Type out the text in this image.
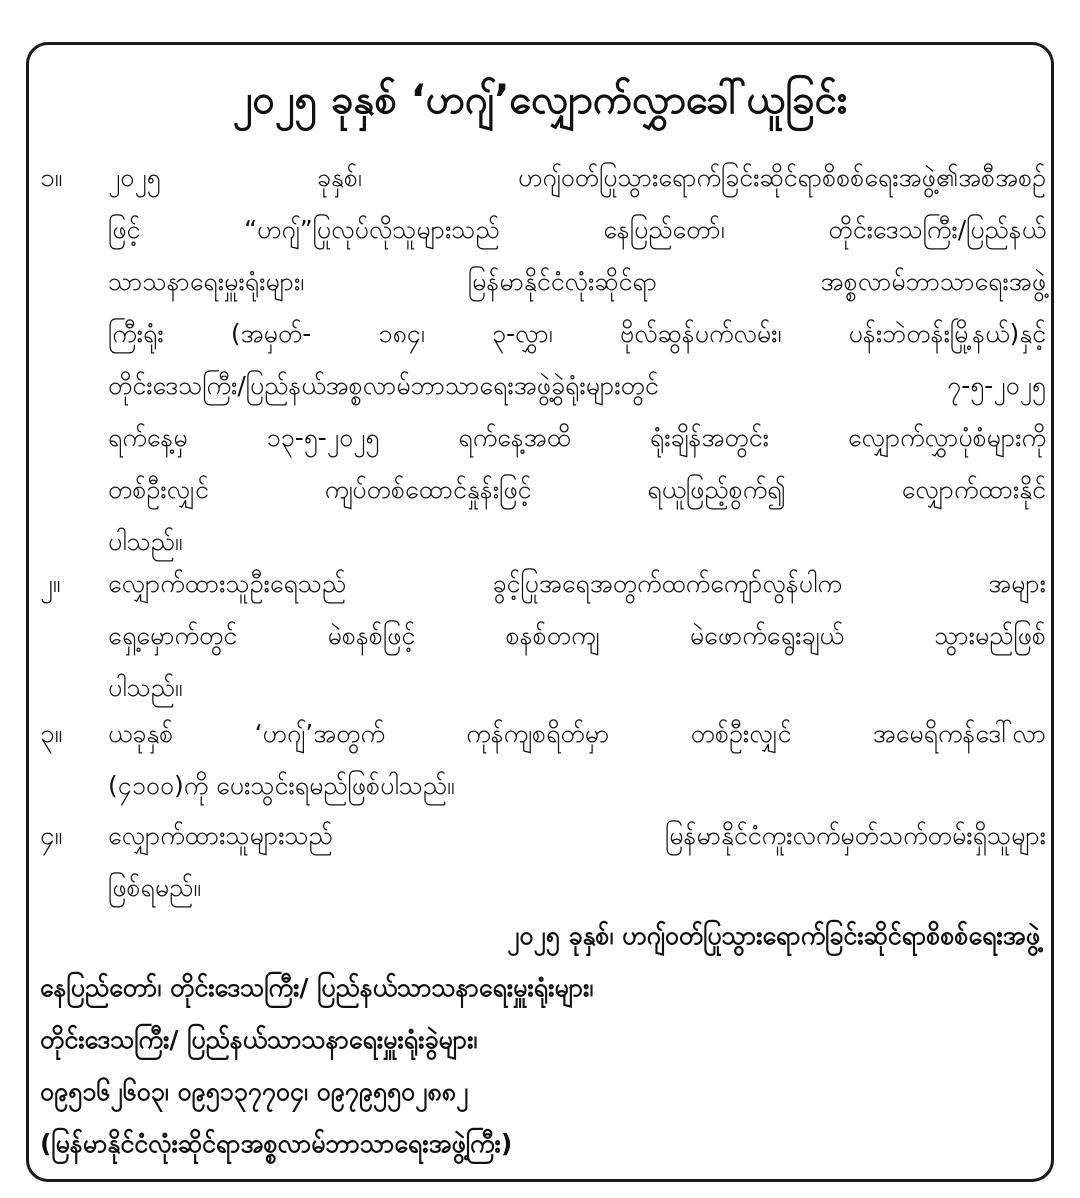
၂၀၂၅ ခုနှစ် ‘ဟဂျ်’လျှောက်လွှာခေါ်ယူခြင်း
၁။ ၂၀၂၅ ခုနှစ်၊ ဟဂျ်ဝတ်ပြုသွားရောက်ခြင်းဆိုင်ရာစိစစ်ရေးအဖွဲ့၏အစီအစဉ်
ဖြင့် “ဟဂျ်”ပြုလုပ်လိုသူများသည် နေပြည်တော်၊ တိုင်းဒေသကြီး/ပြည်နယ်
သာသနာရေးမှူးရုံးများ၊ မြန်မာနိုင်ငံလုံးဆိုင်ရာ အစ္စလာမ်ဘာသာရေးအဖွဲ့
ကြီးရုံး (အမှတ်- ၁၈၄၊ ၃-လွှာ၊ ဗိုလ်ဆွန်ပက်လမ်း၊ ပန်းဘဲတန်းမြို့နယ်)နှင့်
တိုင်းဒေသကြီး/ပြည်နယ်အစ္စလာမ်ဘာသာရေးအဖွဲ့ခွဲရုံးများတွင် ၇-၅-၂၀၂၅
ရက်နေ့မှ ၁၃-၅-၂၀၂၅ ရက်နေ့အထိ ရုံးချိန်အတွင်း လျှောက်လွှာပုံစံများကို
တစ်ဦးလျှင် ကျပ်တစ်ထောင်နှုန်းဖြင့် ရယူဖြည့်စွက်၍ လျှောက်ထားနိုင်
ပါသည်။
၂။ လျှောက်ထားသူဦးရေသည် ခွင့်ပြုအရေအတွက်ထက်ကျော်လွန်ပါက အများ
ရှေ့မှောက်တွင် မဲစနစ်ဖြင့် စနစ်တကျ မဲဖောက်ရွေးချယ် သွားမည်ဖြစ်
ပါသည်။
၃။ ယခုနှစ် ‘ဟဂျ်’အတွက် ကုန်ကျစရိတ်မှာ တစ်ဦးလျှင် အမေရိကန်ဒေါ်လာ
(၄၁၀၀)ကို ပေးသွင်းရမည်ဖြစ်ပါသည်။
၄။ လျှောက်ထားသူများသည် မြန်မာနိုင်ငံကူးလက်မှတ်သက်တမ်းရှိသူများ
ဖြစ်ရမည်။
၂၀၂၅ ခုနှစ်၊ ဟဂျ်ဝတ်ပြုသွားရောက်ခြင်းဆိုင်ရာစိစစ်ရေးအဖွဲ့
နေပြည်တော်၊ တိုင်းဒေသကြီး/ ပြည်နယ်သာသနာရေးမှူးရုံးများ၊
တိုင်းဒေသကြီး/ ပြည်နယ်သာသနာရေးမှူးရုံးခွဲများ၊
၀၉၅၁၆၂၆၀၃၊ ၀၉၅၁၃၇၇၀၄၊ ၀၉၇၉၅၅၀၂၈၈၂
(မြန်မာနိုင်ငံလုံးဆိုင်ရာအစ္စလာမ်ဘာသာရေးအဖွဲ့ကြီး)
